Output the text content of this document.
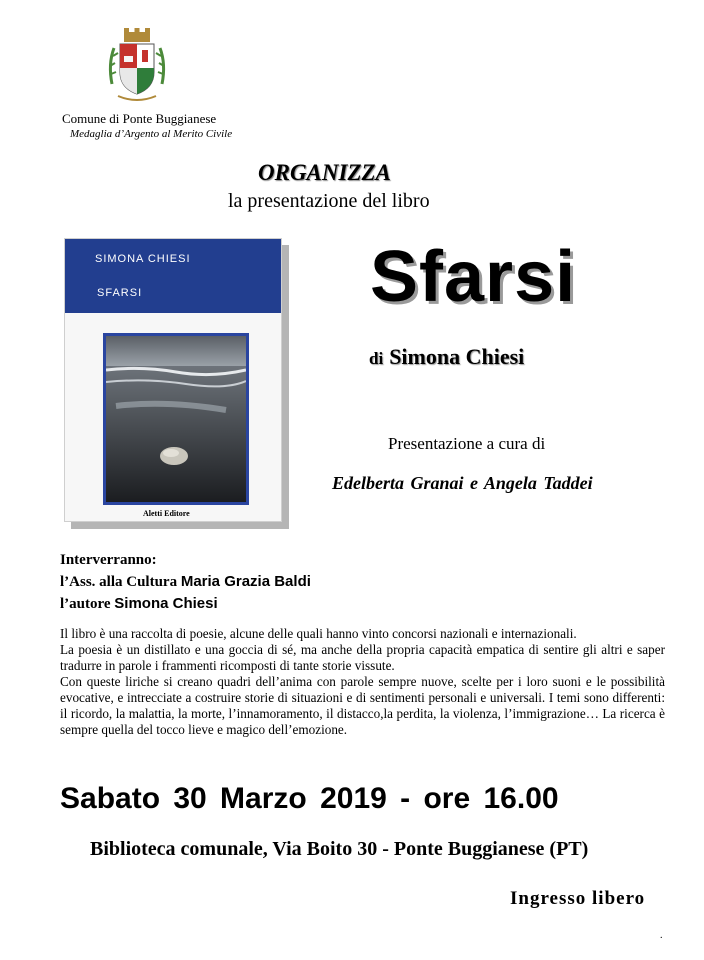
Comune di Ponte Buggianese
Medaglia d’Argento al Merito Civile
ORGANIZZA
la presentazione del libro
SIMONA CHIESI
SFARSI
Aletti Editore
Sfarsi
di Simona Chiesi
Presentazione a cura di
Edelberta Granai e Angela Taddei
Interverranno:
l’Ass. alla Cultura Maria Grazia Baldi
l’autore Simona Chiesi

Il libro è una raccolta di poesie, alcune delle quali hanno vinto concorsi nazionali e internazionali.

La poesia è un distillato e una goccia di sé, ma anche della propria capacità empatica di sentire gli altri e saper tradurre in parole i frammenti ricomposti di tante storie vissute.

Con queste liriche si creano quadri dell’anima con parole sempre nuove, scelte per i loro suoni e le possibilità evocative, e intrecciate a costruire storie di situazioni e di sentimenti personali e universali. I temi sono differenti: il ricordo, la malattia, la morte, l’innamoramento, il distacco,la perdita, la violenza, l’immigrazione… La ricerca è sempre quella del tocco lieve e magico dell’emozione.

Sabato 30 Marzo 2019 - ore 16.00
Biblioteca comunale, Via Boito 30 - Ponte Buggianese (PT)
Ingresso libero
.
